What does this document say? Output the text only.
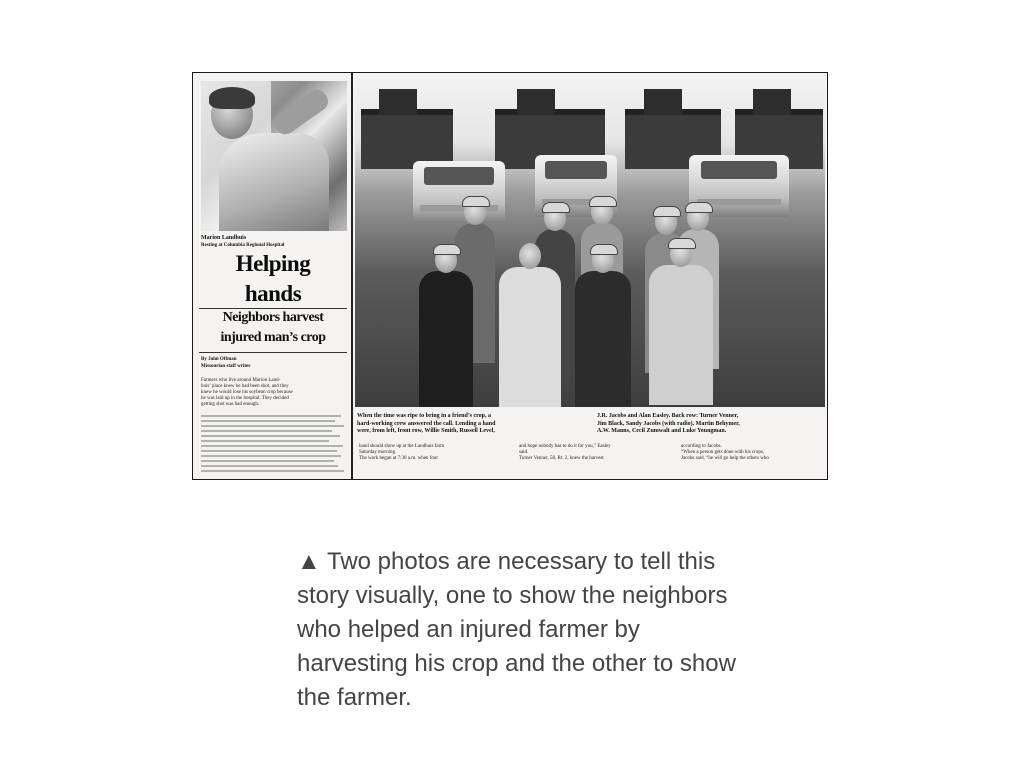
Marion Landhuis
Resting at Columbia Regional Hospital
Helping
hands
Neighbors harvest
injured man’s crop
By John Offman
Missourian staff writer
Farmers who live around Marion Land-
huis’ place knew he had been shot, and they
knew he would lose his soybean crop because
he was laid up in the hospital. They decided
getting shot was bad enough.
When the time was ripe to bring in a friend’s crop, a
hard-working crew answered the call. Lending a hand
were, from left, front row, Willie Smith, Russell Level,
J.R. Jacobs and Alan Easley. Back row: Turner Venner,
Jim Black, Sandy Jacobs (with radio), Martin Behymer,
A.W. Manns, Cecil Zumwalt and Luke Youngman.
hand should show up at the Landhuis farm
Saturday morning.
The work began at 7:30 a.m. when four
and hope nobody has to do it for you,” Easley
said.
Turner Venner, 58, Rt. 2, knew the harvest
according to Jacobs.
“When a person gets done with his crops,
Jacobs said, “he will go help the others who

▲ Two photos are necessary to tell this story visually, one to show the neighbors who helped an injured farmer by harvesting his crop and the other to show the farmer.
